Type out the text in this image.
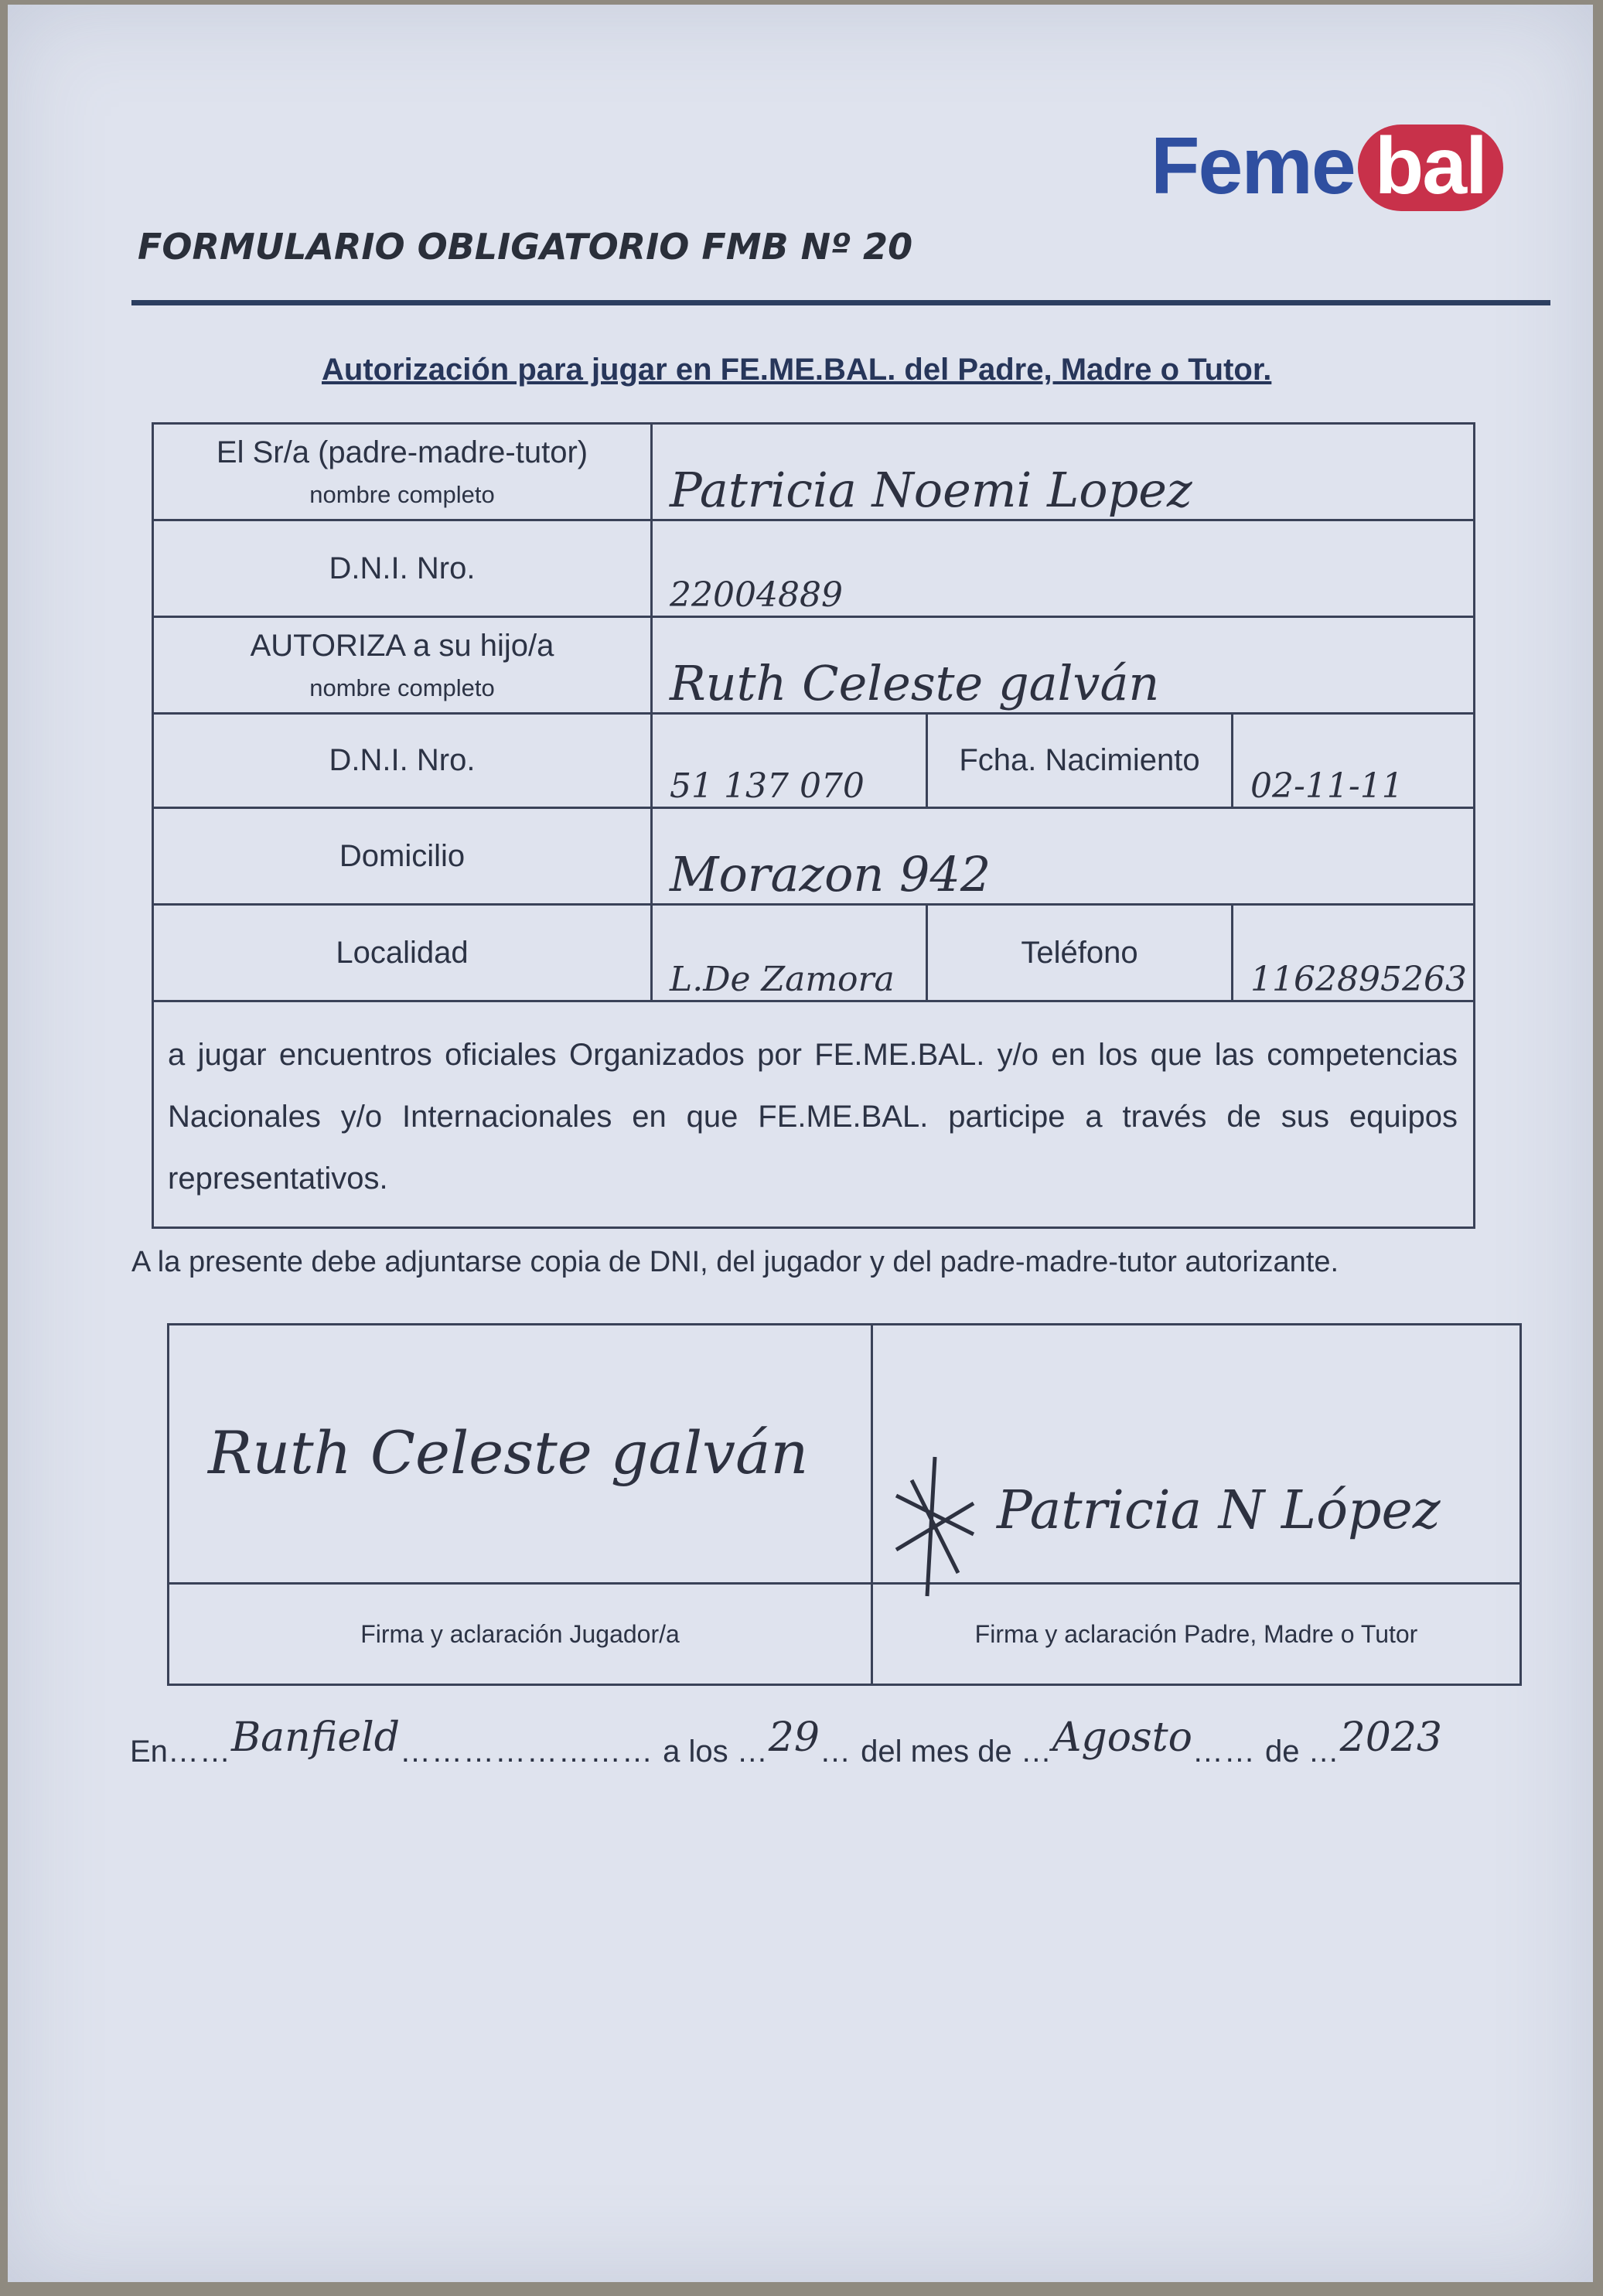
Feme bal
FORMULARIO OBLIGATORIO FMB Nº 20
Autorización para jugar en FE.ME.BAL. del Padre, Madre o Tutor.
El Sr/a (padre-madre-tutor)
nombre completo	Patricia Noemi Lopez		
D.N.I. Nro.	22004889		
AUTORIZA a su hijo/a
nombre completo	Ruth Celeste galván		
D.N.I. Nro.	51 137 070	Fcha. Nacimiento	02-11-11
Domicilio	Morazon 942		
Localidad	L.De Zamora	Teléfono	1162895263
a jugar encuentros oficiales Organizados por FE.ME.BAL. y/o en los que las competencias Nacionales y/o Internacionales en que FE.ME.BAL. participe a través de sus equipos representativos.			
A la presente debe adjuntarse copia de DNI, del jugador y del padre-madre-tutor autorizante.
Ruth Celeste galván	Patricia N López

Firma y aclaración Jugador/a	Firma y aclaración Padre, Madre o Tutor
En……Banfield…………………… a los …29… del mes de …Agosto…… de …2023
